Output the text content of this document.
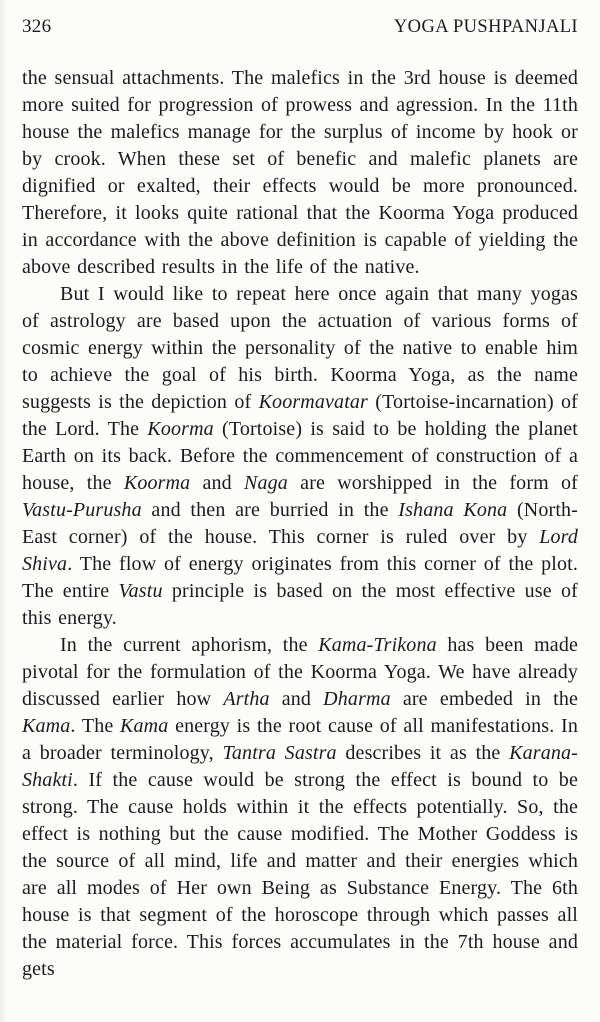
326	YOGA PUSHPANJALI

the sensual attachments. The malefics in the 3rd house is deemed more suited for progression of prowess and agression. In the 11th house the malefics manage for the surplus of income by hook or by crook. When these set of benefic and malefic planets are dignified or exalted, their effects would be more pronounced. Therefore, it looks quite rational that the Koorma Yoga produced in accordance with the above definition is capable of yielding the above described results in the life of the native.

But I would like to repeat here once again that many yogas of astrology are based upon the actuation of various forms of cosmic energy within the personality of the native to enable him to achieve the goal of his birth. Koorma Yoga, as the name suggests is the depiction of Koormavatar (Tortoise-incarnation) of the Lord. The Koorma (Tortoise) is said to be holding the planet Earth on its back. Before the commencement of construction of a house, the Koorma and Naga are worshipped in the form of Vastu-Purusha and then are burried in the Ishana Kona (North-East corner) of the house. This corner is ruled over by Lord Shiva. The flow of energy originates from this corner of the plot. The entire Vastu principle is based on the most effective use of this energy.

In the current aphorism, the Kama-Trikona has been made pivotal for the formulation of the Koorma Yoga. We have already discussed earlier how Artha and Dharma are embeded in the Kama. The Kama energy is the root cause of all manifestations. In a broader terminology, Tantra Sastra describes it as the Karana-Shakti. If the cause would be strong the effect is bound to be strong. The cause holds within it the effects potentially. So, the effect is nothing but the cause modified. The Mother Goddess is the source of all mind, life and matter and their energies which are all modes of Her own Being as Substance Energy. The 6th house is that segment of the horoscope through which passes all the material force. This forces accumulates in the 7th house and gets
